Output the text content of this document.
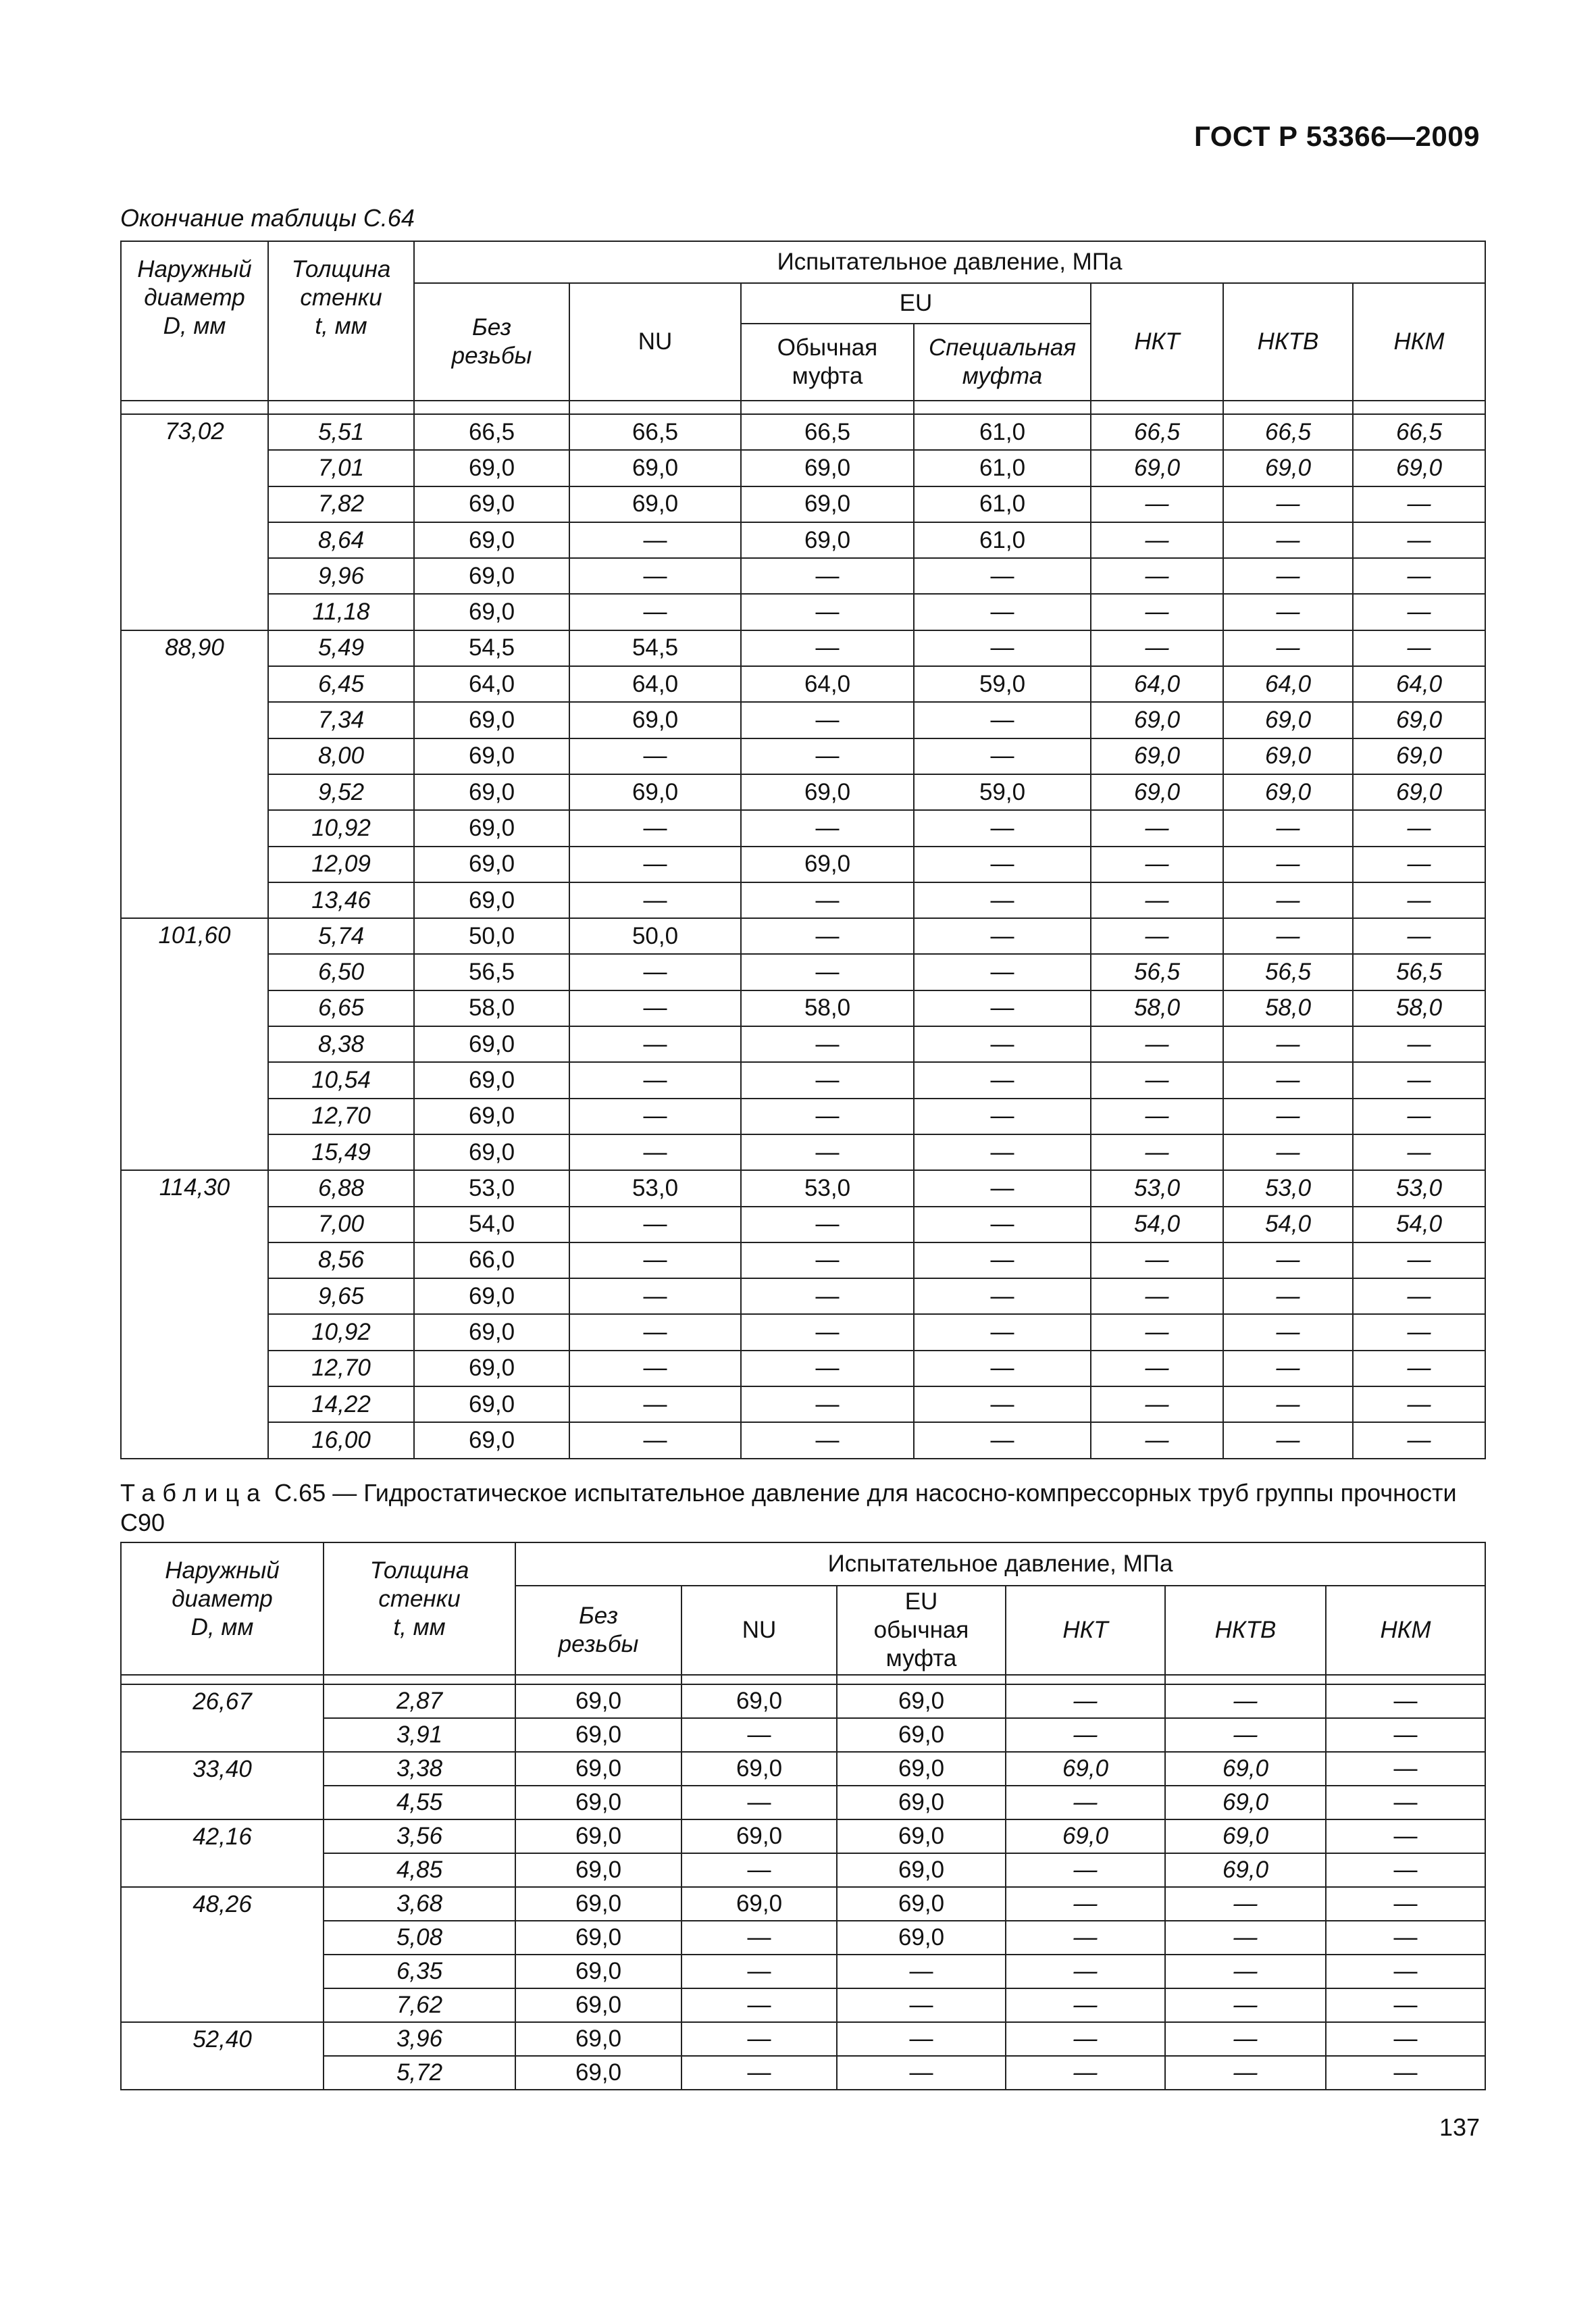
ГОСТ Р 53366—2009
Окончание таблицы С.64
Наружный
диаметр
D, мм	Толщина
стенки
t, мм	Испытательное давление, МПа						
		Без
резьбы	NU	EU		НКТ	НКТВ	НКМ
				Обычная
муфта	Специальная
муфта			

73,02	5,51	66,5	66,5	66,5	61,0	66,5	66,5	66,5
	7,01	69,0	69,0	69,0	61,0	69,0	69,0	69,0
	7,82	69,0	69,0	69,0	61,0	—	—	—
	8,64	69,0	—	69,0	61,0	—	—	—
	9,96	69,0	—	—	—	—	—	—
	11,18	69,0	—	—	—	—	—	—
88,90	5,49	54,5	54,5	—	—	—	—	—
	6,45	64,0	64,0	64,0	59,0	64,0	64,0	64,0
	7,34	69,0	69,0	—	—	69,0	69,0	69,0
	8,00	69,0	—	—	—	69,0	69,0	69,0
	9,52	69,0	69,0	69,0	59,0	69,0	69,0	69,0
	10,92	69,0	—	—	—	—	—	—
	12,09	69,0	—	69,0	—	—	—	—
	13,46	69,0	—	—	—	—	—	—
101,60	5,74	50,0	50,0	—	—	—	—	—
	6,50	56,5	—	—	—	56,5	56,5	56,5
	6,65	58,0	—	58,0	—	58,0	58,0	58,0
	8,38	69,0	—	—	—	—	—	—
	10,54	69,0	—	—	—	—	—	—
	12,70	69,0	—	—	—	—	—	—
	15,49	69,0	—	—	—	—	—	—
114,30	6,88	53,0	53,0	53,0	—	53,0	53,0	53,0
	7,00	54,0	—	—	—	54,0	54,0	54,0
	8,56	66,0	—	—	—	—	—	—
	9,65	69,0	—	—	—	—	—	—
	10,92	69,0	—	—	—	—	—	—
	12,70	69,0	—	—	—	—	—	—
	14,22	69,0	—	—	—	—	—	—
	16,00	69,0	—	—	—	—	—	—
Таблица С.65 — Гидростатическое испытательное давление для насосно-компрессорных труб группы прочности С90
Наружный
диаметр
D, мм	Толщина
стенки
t, мм	Испытательное давление, МПа					
		Без
резьбы	NU	EU
обычная
муфта	НКТ	НКТВ	НКМ

26,67	2,87	69,0	69,0	69,0	—	—	—
	3,91	69,0	—	69,0	—	—	—
33,40	3,38	69,0	69,0	69,0	69,0	69,0	—
	4,55	69,0	—	69,0	—	69,0	—
42,16	3,56	69,0	69,0	69,0	69,0	69,0	—
	4,85	69,0	—	69,0	—	69,0	—
48,26	3,68	69,0	69,0	69,0	—	—	—
	5,08	69,0	—	69,0	—	—	—
	6,35	69,0	—	—	—	—	—
	7,62	69,0	—	—	—	—	—
52,40	3,96	69,0	—	—	—	—	—
	5,72	69,0	—	—	—	—	—
137
